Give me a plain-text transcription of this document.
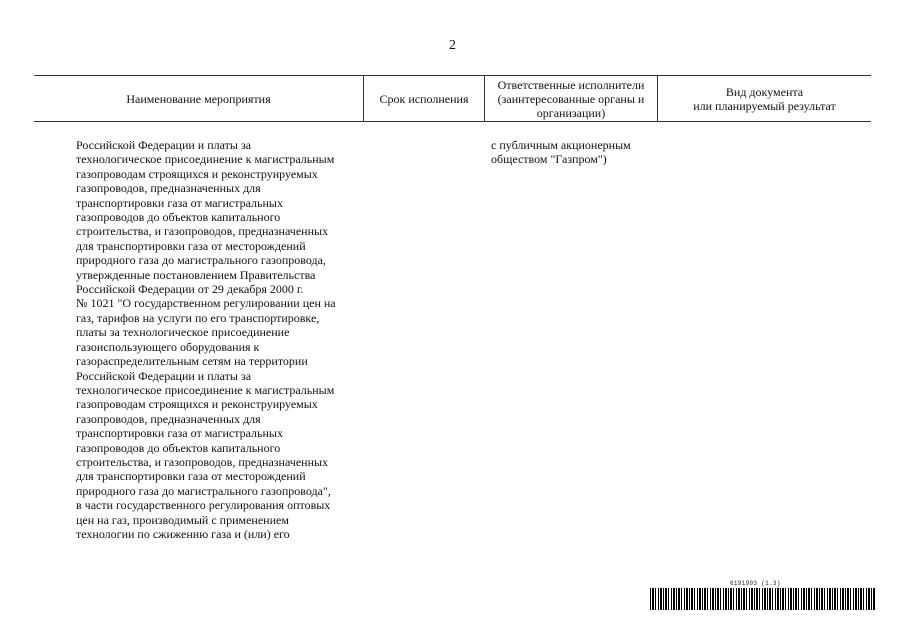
2
Наименование мероприятия	Срок исполнения
Ответственные исполнители
(заинтересованные органы и
организации)
Вид документа
или планируемый результат
Российской Федерации и платы за
технологическое присоединение к магистральным
газопроводам строящихся и реконструируемых
газопроводов, предназначенных для
транспортировки газа от магистральных
газопроводов до объектов капитального
строительства, и газопроводов, предназначенных
для транспортировки газа от месторождений
природного газа до магистрального газопровода,
утвержденные постановлением Правительства
Российской Федерации от 29 декабря 2000 г.
№ 1021 "О государственном регулировании цен на
газ, тарифов на услуги по его транспортировке,
платы за технологическое присоединение
газоиспользующего оборудования к
газораспределительным сетям на территории
Российской Федерации и платы за
технологическое присоединение к магистральным
газопроводам строящихся и реконструируемых
газопроводов, предназначенных для
транспортировки газа от магистральных
газопроводов до объектов капитального
строительства, и газопроводов, предназначенных
для транспортировки газа от месторождений
природного газа до магистрального газопровода",
в части государственного регулирования оптовых
цен на газ, производимый с применением
технологии по сжижению газа и (или) его
с публичным акционерным
обществом "Газпром")
6191993 (1.3)
